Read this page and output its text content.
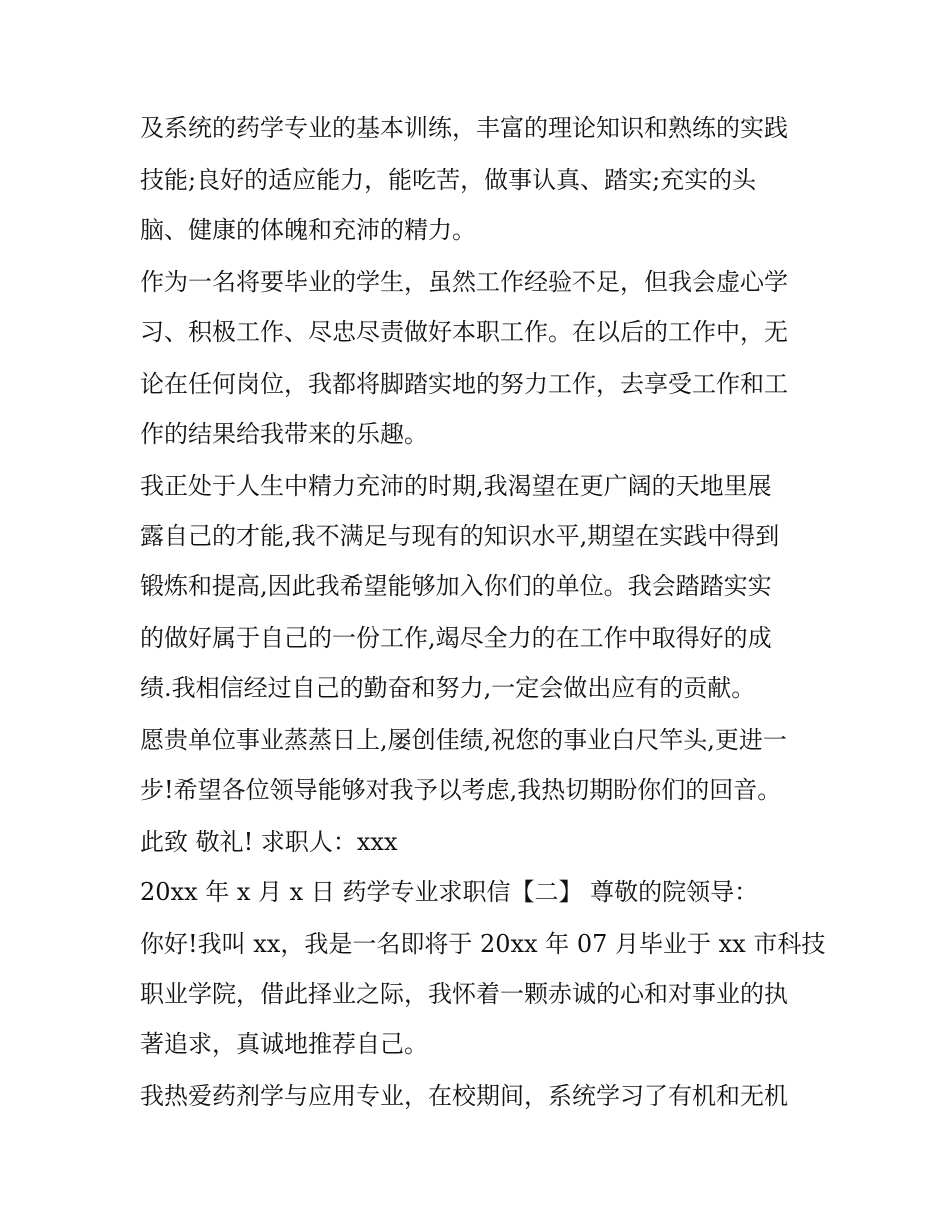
及系统的药学专业的基本训练，丰富的理论知识和熟练的实践
技能;良好的适应能力，能吃苦，做事认真、踏实;充实的头
脑、健康的体魄和充沛的精力。
作为一名将要毕业的学生，虽然工作经验不足，但我会虚心学
习、积极工作、尽忠尽责做好本职工作。在以后的工作中，无
论在任何岗位，我都将脚踏实地的努力工作，去享受工作和工
作的结果给我带来的乐趣。
我正处于人生中精力充沛的时期,我渴望在更广阔的天地里展
露自己的才能,我不满足与现有的知识水平,期望在实践中得到
锻炼和提高,因此我希望能够加入你们的单位。我会踏踏实实
的做好属于自己的一份工作,竭尽全力的在工作中取得好的成
绩.我相信经过自己的勤奋和努力,一定会做出应有的贡献。
愿贵单位事业蒸蒸日上,屡创佳绩,祝您的事业白尺竿头,更进一
步!希望各位领导能够对我予以考虑,我热切期盼你们的回音。
此致 敬礼! 求职人：xxx
20xx 年 x 月 x 日 药学专业求职信【二】 尊敬的院领导：
你好!我叫 xx，我是一名即将于 20xx 年 07 月毕业于 xx 市科技
职业学院，借此择业之际，我怀着一颗赤诚的心和对事业的执
著追求，真诚地推荐自己。
我热爱药剂学与应用专业，在校期间，系统学习了有机和无机
